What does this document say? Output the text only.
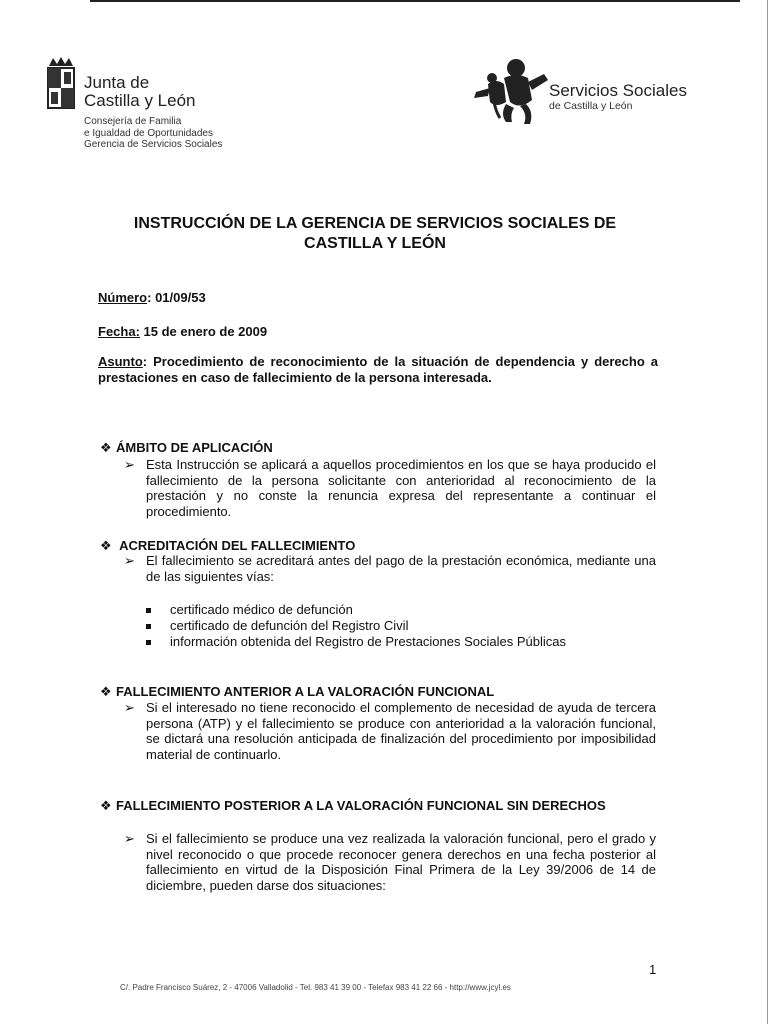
Junta de
Castilla y León
Consejería de Familia
e Igualdad de Oportunidades
Gerencia de Servicios Sociales
Servicios Sociales
de Castilla y León
INSTRUCCIÓN DE LA GERENCIA DE SERVICIOS SOCIALES DE
CASTILLA Y LEÓN
Número: 01/09/53
Fecha: 15 de enero de 2009
Asunto: Procedimiento de reconocimiento de la situación de dependencia y derecho a prestaciones en caso de fallecimiento de la persona interesada.
❖ ÁMBITO DE APLICACIÓN
➢ Esta Instrucción se aplicará a aquellos procedimientos en los que se haya producido el fallecimiento de la persona solicitante con anterioridad al reconocimiento de la prestación y no conste la renuncia expresa del representante a continuar el procedimiento.
❖ ACREDITACIÓN DEL FALLECIMIENTO
➢ El fallecimiento se acreditará antes del pago de la prestación económica, mediante una de las siguientes vías:
certificado médico de defunción
certificado de defunción del Registro Civil
información obtenida del Registro de Prestaciones Sociales Públicas
❖ FALLECIMIENTO ANTERIOR A LA VALORACIÓN FUNCIONAL
➢ Si el interesado no tiene reconocido el complemento de necesidad de ayuda de tercera persona (ATP) y el fallecimiento se produce con anterioridad a la valoración funcional, se dictará una resolución anticipada de finalización del procedimiento por imposibilidad material de continuarlo.
❖ FALLECIMIENTO POSTERIOR A LA VALORACIÓN FUNCIONAL SIN DERECHOS
➢ Si el fallecimiento se produce una vez realizada la valoración funcional, pero el grado y nivel reconocido o que procede reconocer genera derechos en una fecha posterior al fallecimiento en virtud de la Disposición Final Primera de la Ley 39/2006 de 14 de diciembre, pueden darse dos situaciones:
1
C/. Padre Francisco Suárez, 2 - 47006 Valladolid - Tel. 983 41 39 00 - Telefax 983 41 22 66 - http://www.jcyl.es
